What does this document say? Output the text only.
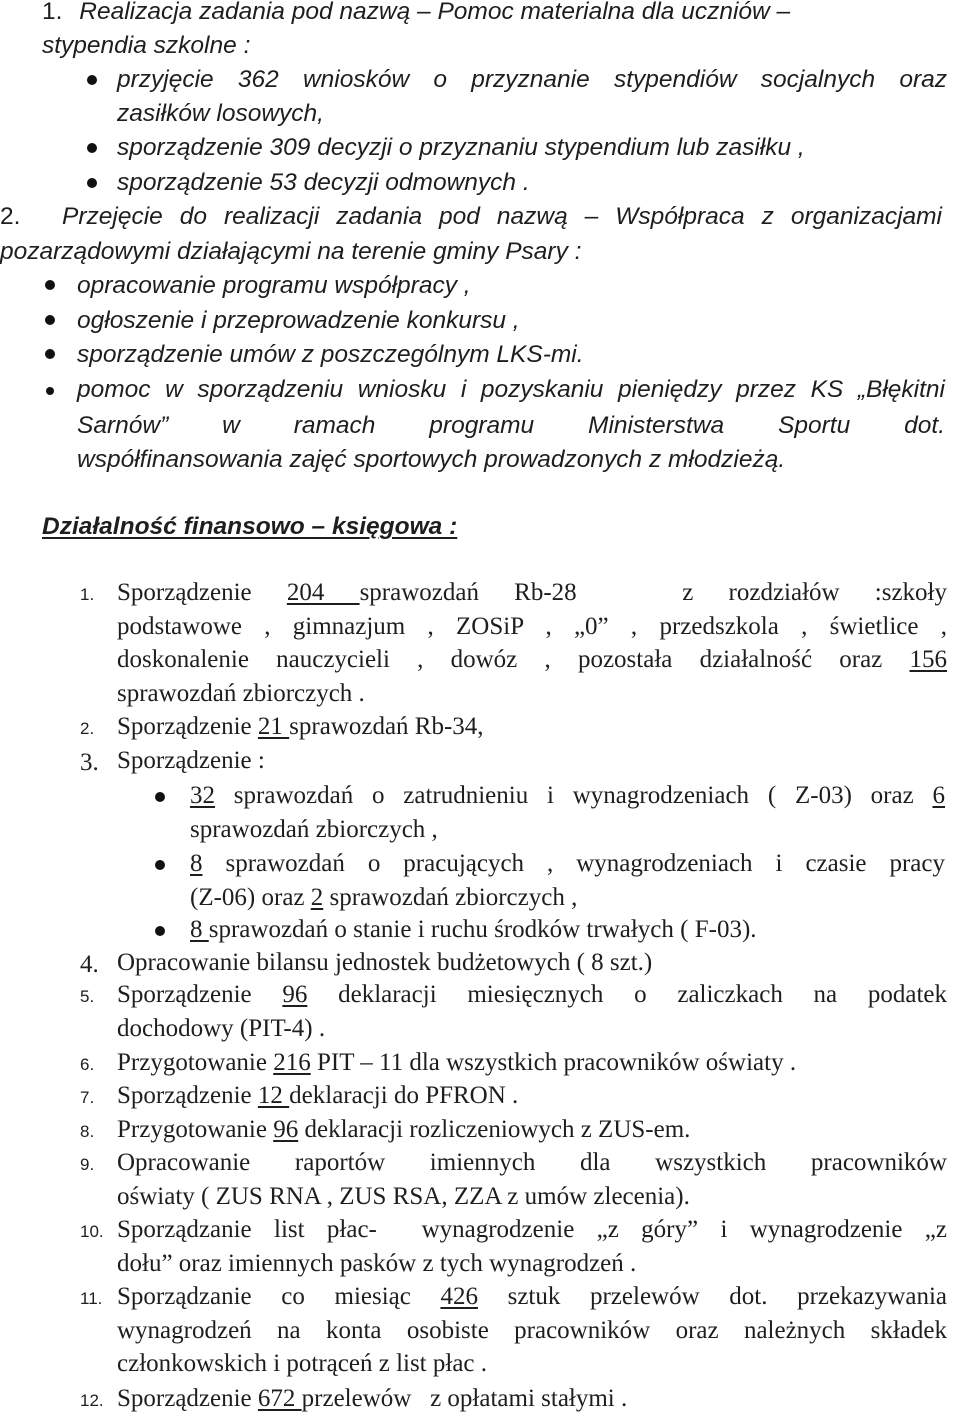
1. Realizacja zadania pod nazwą – Pomoc materialna dla uczniów –
stypendia szkolne :
przyjęcie 362 wniosków o przyznanie stypendiów socjalnych oraz
zasiłków losowych,
sporządzenie 309 decyzji o przyznaniu stypendium lub zasiłku ,
sporządzenie 53 decyzji odmownych .
2.	Przejęcie do realizacji zadania pod nazwą – Współpraca z organizacjami
pozarządowymi działającymi na terenie gminy Psary :
opracowanie programu współpracy ,
ogłoszenie i przeprowadzenie konkursu ,
sporządzenie umów z poszczególnym LKS-mi.
pomoc w sporządzeniu wniosku i pozyskaniu pieniędzy przez KS „Błękitni
Sarnów” w ramach programu Ministerstwa Sportu dot.
współfinansowania zajęć sportowych prowadzonych z młodzieżą.
Działalność finansowo – księgowa :
1. Sporządzenie 204 sprawozdań Rb-28   z rozdziałów :szkoły
podstawowe , gimnazjum , ZOSiP , „0” , przedszkola , świetlice ,
doskonalenie nauczycieli , dowóz , pozostała działalność oraz 156
sprawozdań zbiorczych .
2. Sporządzenie 21 sprawozdań Rb-34,
3. Sporządzenie :
4. Opracowanie bilansu jednostek budżetowych ( 8 szt.)
5. Sporządzenie 96 deklaracji miesięcznych o zaliczkach na podatek
dochodowy (PIT-4) .
6. Przygotowanie 216 PIT – 11 dla wszystkich pracowników oświaty .
7. Sporządzenie 12 deklaracji do PFRON .
8. Przygotowanie 96 deklaracji rozliczeniowych z ZUS-em.
9. Opracowanie raportów imiennych dla wszystkich pracowników
oświaty ( ZUS RNA , ZUS RSA, ZZA z umów zlecenia).
10. Sporządzanie list płac-  wynagrodzenie „z góry” i wynagrodzenie „z
dołu” oraz imiennych pasków z tych wynagrodzeń .
11. Sporządzanie co miesiąc 426 sztuk przelewów dot. przekazywania
wynagrodzeń na konta osobiste pracowników oraz należnych składek
członkowskich i potrąceń z list płac .
12. Sporządzenie 672 przelewów   z opłatami stałymi .
32 sprawozdań o zatrudnieniu i wynagrodzeniach ( Z-03) oraz 6
sprawozdań zbiorczych ,
8 sprawozdań o pracujących , wynagrodzeniach i czasie pracy
(Z-06) oraz 2 sprawozdań zbiorczych ,
8 sprawozdań o stanie i ruchu środków trwałych ( F-03).
